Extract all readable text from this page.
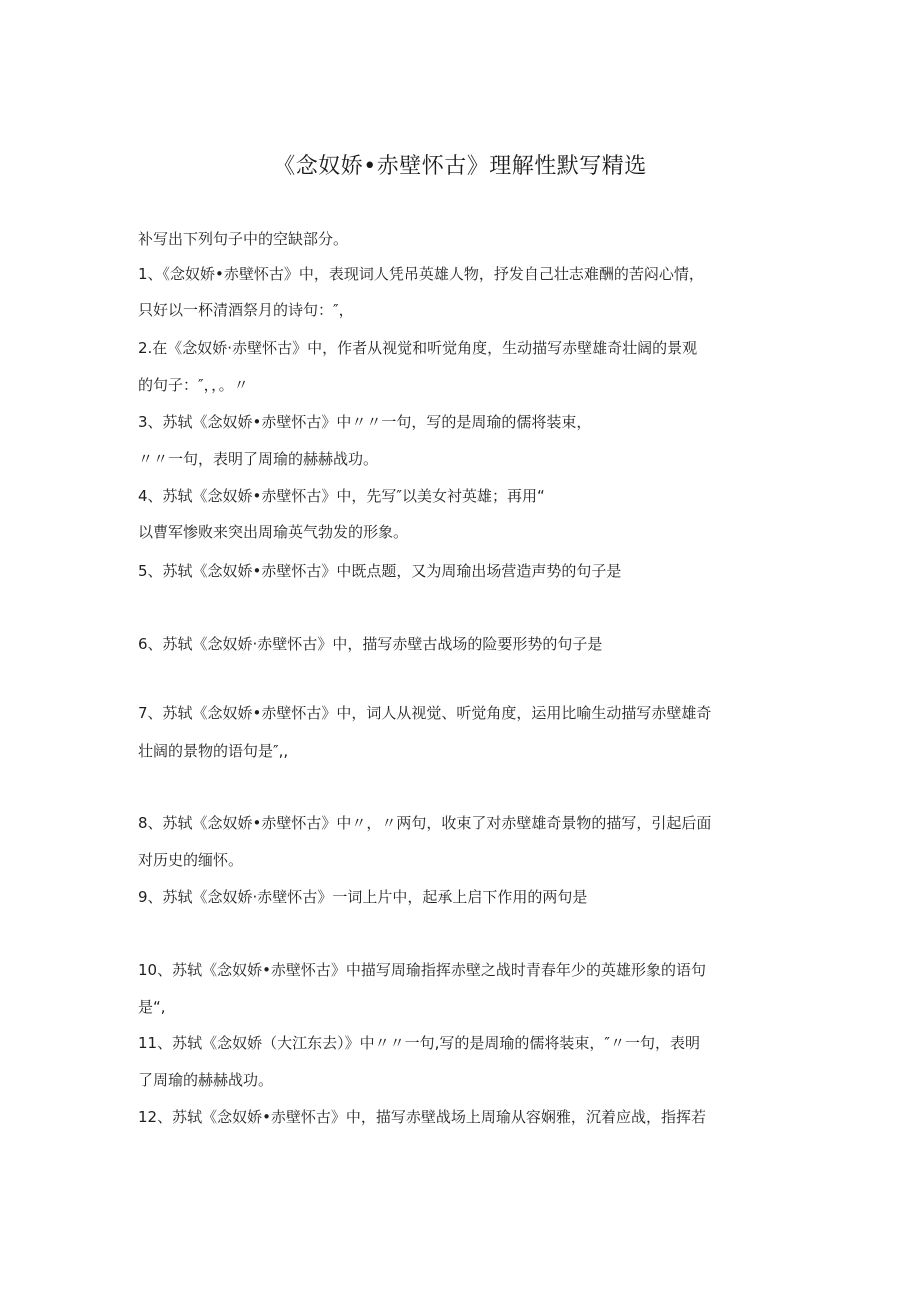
《念奴娇•赤壁怀古》理解性默写精选
补写出下列句子中的空缺部分。
1、《念奴娇•赤壁怀古》中，表现词人凭吊英雄人物，抒发自己壮志难酬的苦闷心情，
只好以一杯清酒祭月的诗句：″，
2.在《念奴娇·赤壁怀古》中，作者从视觉和听觉角度，生动描写赤壁雄奇壮阔的景观
的句子：″，，。〃
3、苏轼《念奴娇•赤壁怀古》中〃〃一句，写的是周瑜的儒将装束，
〃〃一句，表明了周瑜的赫赫战功。
4、苏轼《念奴娇•赤壁怀古》中，先写″以美女衬英雄；再用“
以曹军惨败来突出周瑜英气勃发的形象。
5、苏轼《念奴娇•赤壁怀古》中既点题，又为周瑜出场营造声势的句子是
6、苏轼《念奴娇·赤壁怀古》中，描写赤壁古战场的险要形势的句子是
7、苏轼《念奴娇•赤壁怀古》中，词人从视觉、听觉角度，运用比喻生动描写赤壁雄奇
壮阔的景物的语句是″,,
8、苏轼《念奴娇•赤壁怀古》中〃，〃两句，收束了对赤壁雄奇景物的描写，引起后面
对历史的缅怀。
9、苏轼《念奴娇·赤壁怀古》一词上片中，起承上启下作用的两句是
10、苏轼《念奴娇•赤壁怀古》中描写周瑜指挥赤壁之战时青春年少的英雄形象的语句
是“,
11、苏轼《念奴娇（大江东去）》中〃〃一句,写的是周瑜的儒将装束，″〃一句，表明
了周瑜的赫赫战功。
12、苏轼《念奴娇•赤壁怀古》中，描写赤壁战场上周瑜从容娴雅，沉着应战，指挥若
